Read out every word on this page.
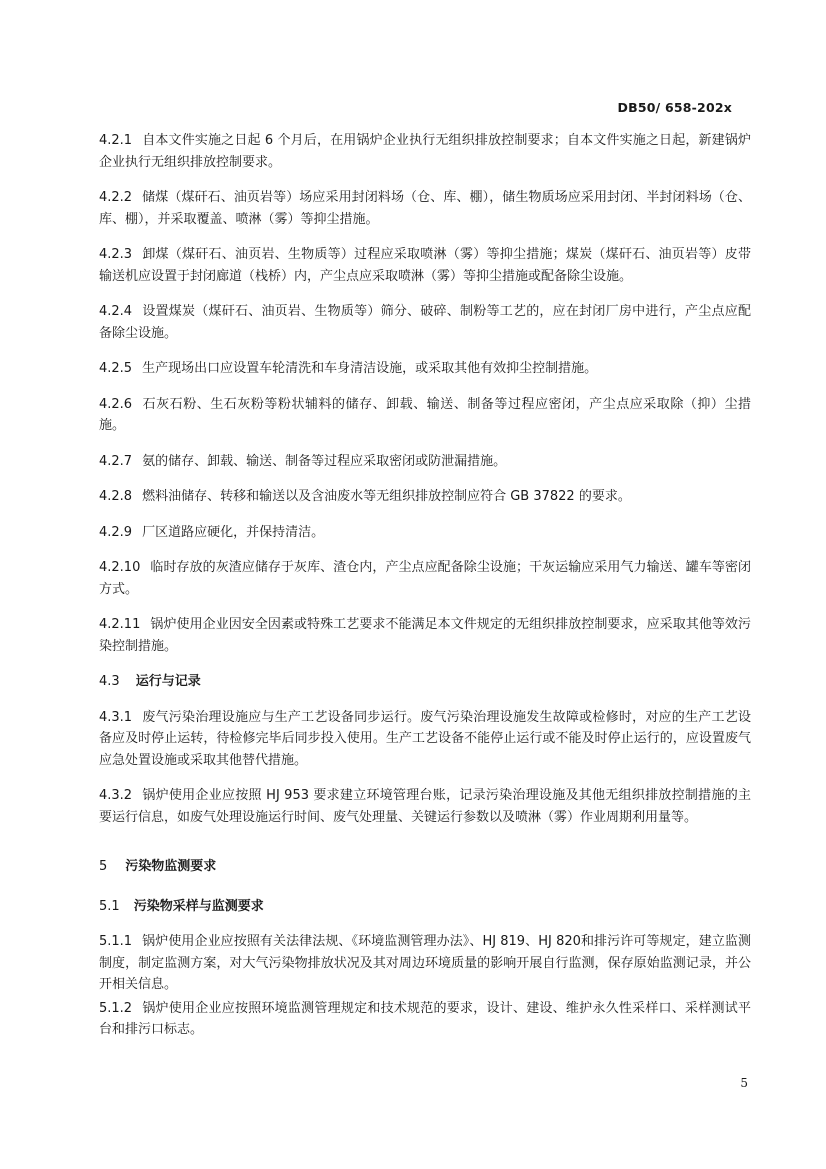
DB50/ 658-202x

4.2.1 自本文件实施之日起 6 个月后，在用锅炉企业执行无组织排放控制要求；自本文件实施之日起，新建锅炉企业执行无组织排放控制要求。

4.2.2 储煤（煤矸石、油页岩等）场应采用封闭料场（仓、库、棚），储生物质场应采用封闭、半封闭料场（仓、库、棚），并采取覆盖、喷淋（雾）等抑尘措施。

4.2.3 卸煤（煤矸石、油页岩、生物质等）过程应采取喷淋（雾）等抑尘措施；煤炭（煤矸石、油页岩等）皮带输送机应设置于封闭廊道（栈桥）内，产尘点应采取喷淋（雾）等抑尘措施或配备除尘设施。

4.2.4 设置煤炭（煤矸石、油页岩、生物质等）筛分、破碎、制粉等工艺的，应在封闭厂房中进行，产尘点应配备除尘设施。

4.2.5 生产现场出口应设置车轮清洗和车身清洁设施，或采取其他有效抑尘控制措施。

4.2.6 石灰石粉、生石灰粉等粉状辅料的储存、卸载、输送、制备等过程应密闭，产尘点应采取除（抑）尘措施。

4.2.7 氨的储存、卸载、输送、制备等过程应采取密闭或防泄漏措施。

4.2.8 燃料油储存、转移和输送以及含油废水等无组织排放控制应符合 GB 37822 的要求。

4.2.9 厂区道路应硬化，并保持清洁。

4.2.10 临时存放的灰渣应储存于灰库、渣仓内，产尘点应配备除尘设施；干灰运输应采用气力输送、罐车等密闭方式。

4.2.11 锅炉使用企业因安全因素或特殊工艺要求不能满足本文件规定的无组织排放控制要求，应采取其他等效污染控制措施。

4.3 运行与记录

4.3.1 废气污染治理设施应与生产工艺设备同步运行。废气污染治理设施发生故障或检修时，对应的生产工艺设备应及时停止运转，待检修完毕后同步投入使用。生产工艺设备不能停止运行或不能及时停止运行的，应设置废气应急处置设施或采取其他替代措施。

4.3.2 锅炉使用企业应按照 HJ 953 要求建立环境管理台账，记录污染治理设施及其他无组织排放控制措施的主要运行信息，如废气处理设施运行时间、废气处理量、关键运行参数以及喷淋（雾）作业周期利用量等。

5 污染物监测要求

5.1 污染物采样与监测要求

5.1.1 锅炉使用企业应按照有关法律法规、《环境监测管理办法》、HJ 819、HJ 820和排污许可等规定，建立监测制度，制定监测方案，对大气污染物排放状况及其对周边环境质量的影响开展自行监测，保存原始监测记录，并公开相关信息。

5.1.2 锅炉使用企业应按照环境监测管理规定和技术规范的要求，设计、建设、维护永久性采样口、采样测试平台和排污口标志。

5
